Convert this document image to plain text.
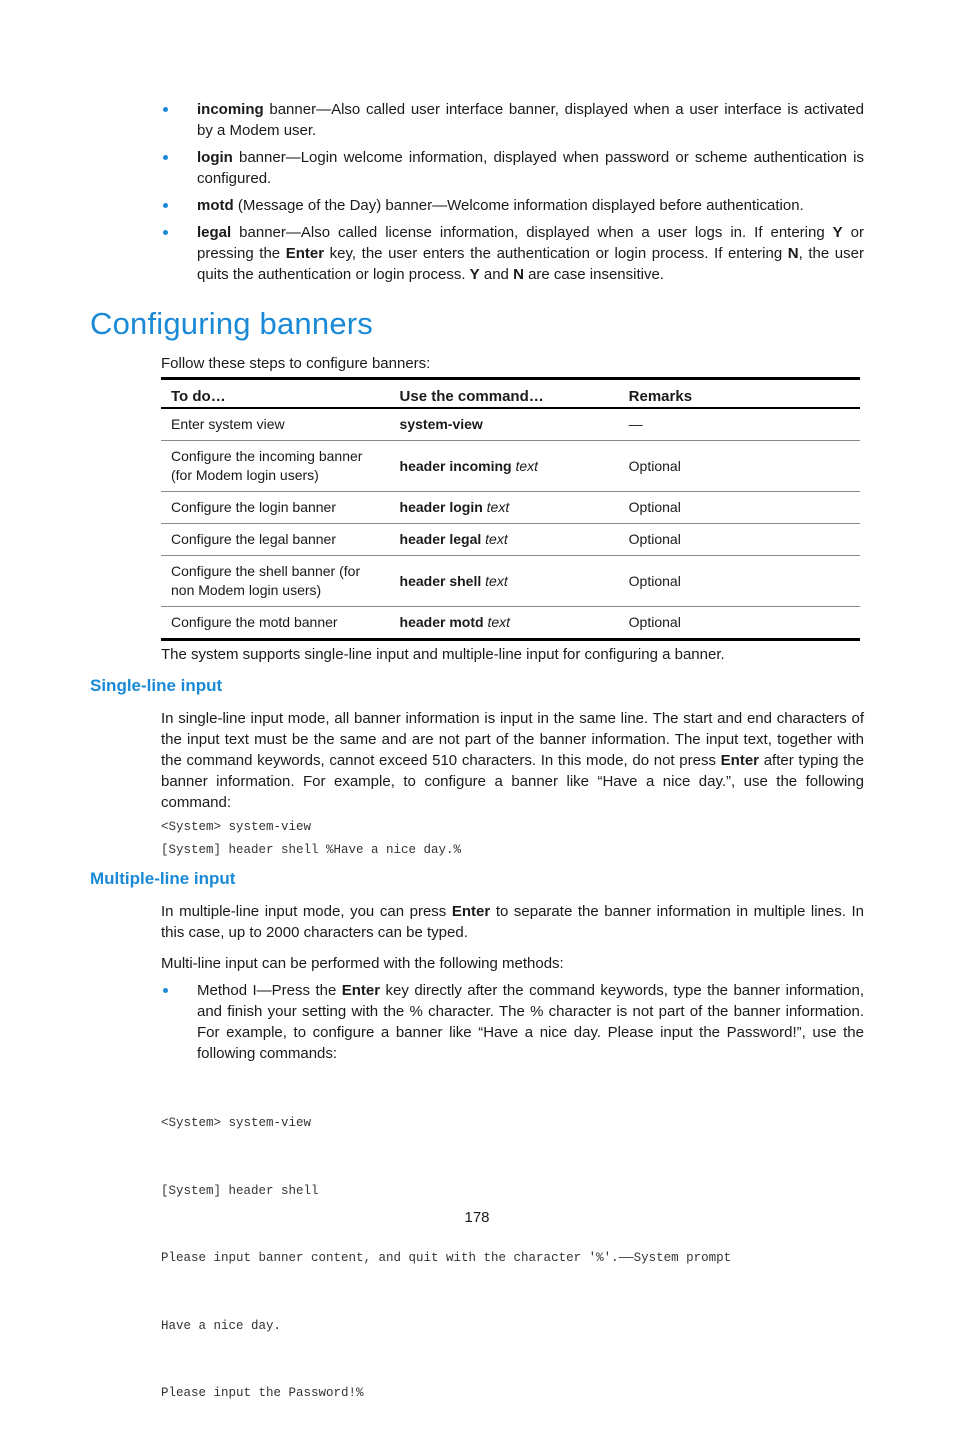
incoming banner—Also called user interface banner, displayed when a user interface is activated by a Modem user.
login banner—Login welcome information, displayed when password or scheme authentication is configured.
motd (Message of the Day) banner—Welcome information displayed before authentication.
legal banner—Also called license information, displayed when a user logs in. If entering Y or pressing the Enter key, the user enters the authentication or login process. If entering N, the user quits the authentication or login process. Y and N are case insensitive.
Configuring banners
Follow these steps to configure banners:
To do…	Use the command…	Remarks
Enter system view	system-view	—
Configure the incoming banner (for Modem login users)	header incoming text	Optional
Configure the login banner	header login text	Optional
Configure the legal banner	header legal text	Optional
Configure the shell banner (for non Modem login users)	header shell text	Optional
Configure the motd banner	header motd text	Optional
The system supports single-line input and multiple-line input for configuring a banner.
Single-line input
In single-line input mode, all banner information is input in the same line. The start and end characters of the input text must be the same and are not part of the banner information. The input text, together with the command keywords, cannot exceed 510 characters. In this mode, do not press Enter after typing the banner information. For example, to configure a banner like “Have a nice day.”, use the following command:
<System> system-view
[System] header shell %Have a nice day.%
Multiple-line input
In multiple-line input mode, you can press Enter to separate the banner information in multiple lines. In this case, up to 2000 characters can be typed.
Multi-line input can be performed with the following methods:
Method I—Press the Enter key directly after the command keywords, type the banner information, and finish your setting with the % character. The % character is not part of the banner information. For example, to configure a banner like “Have a nice day. Please input the Password!”, use the following commands:

<System> system-view

[System] header shell

Please input banner content, and quit with the character '%'.——System prompt

Have a nice day.

Please input the Password!%

178
